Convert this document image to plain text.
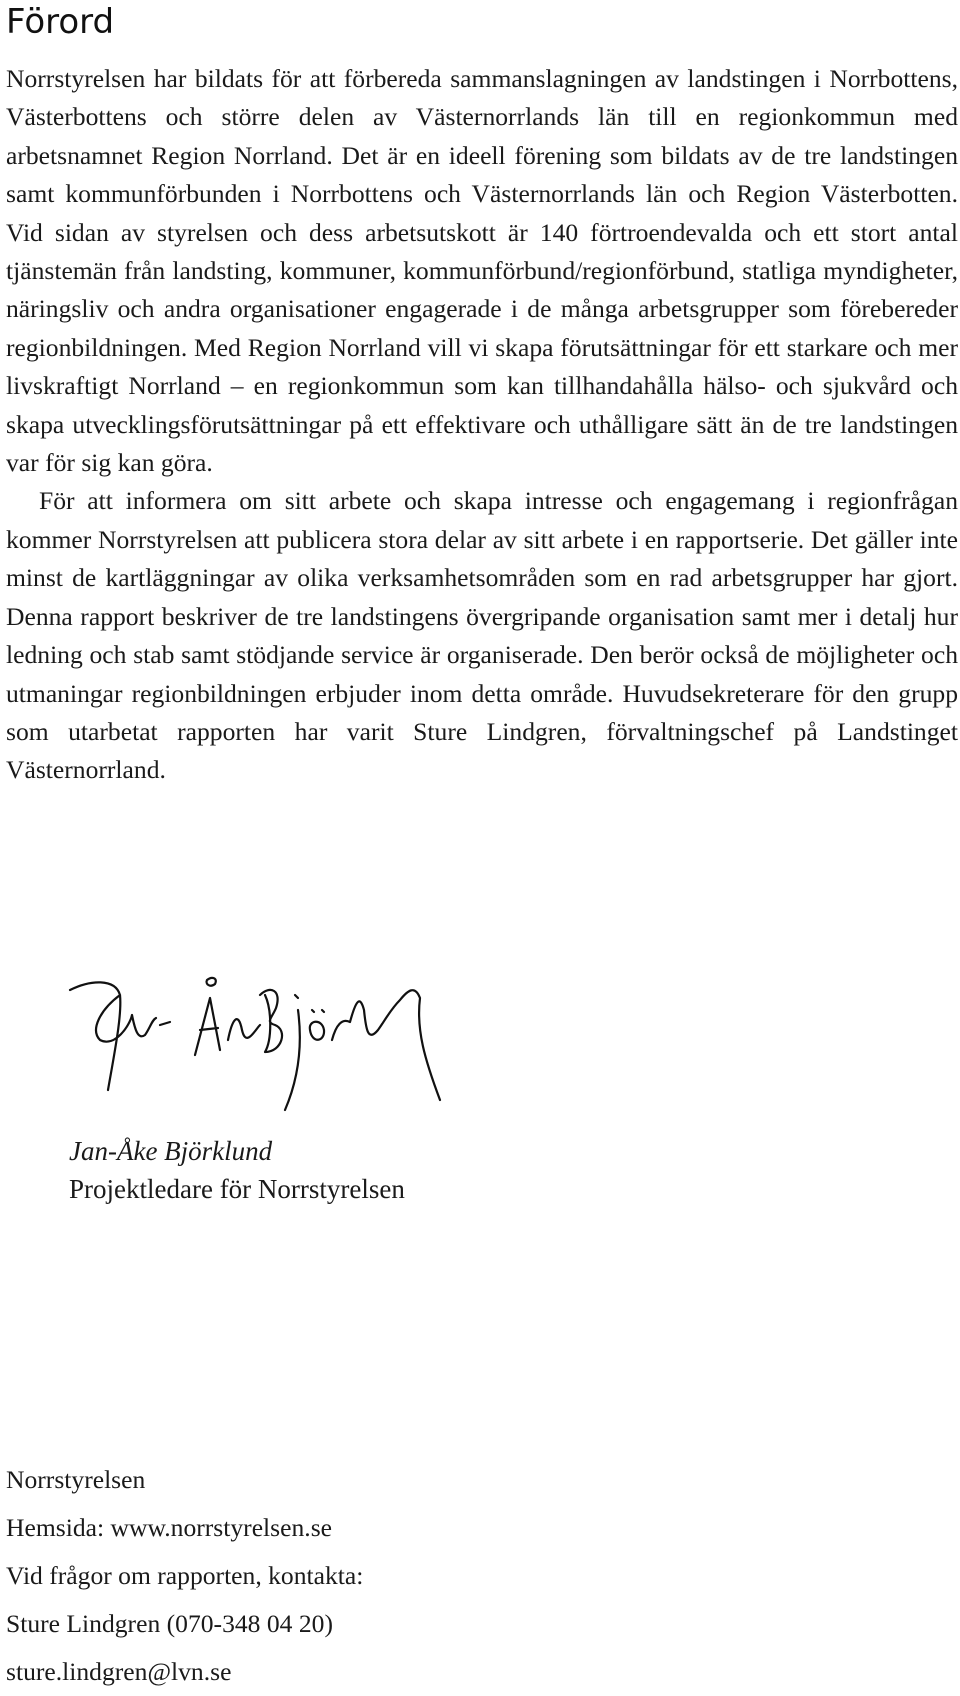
Förord

Norrstyrelsen har bildats för att förbereda sammanslagningen av landstingen i Norrbottens, Västerbottens och större delen av Västernorrlands län till en regionkommun med arbetsnamnet Region Norrland. Det är en ideell förening som bildats av de tre landstingen samt kommunförbunden i Norrbottens och Västernorrlands län och Region Västerbotten. Vid sidan av styrelsen och dess arbetsutskott är 140 förtroendevalda och ett stort antal tjänstemän från landsting, kommuner, kommunförbund/regionförbund, statliga myndigheter, näringsliv och andra organisationer engagerade i de många arbetsgrupper som förebereder regionbildningen. Med Region Norrland vill vi skapa förutsättningar för ett starkare och mer livskraftigt Norrland – en regionkommun som kan tillhandahålla hälso- och sjukvård och skapa utvecklingsförutsättningar på ett effektivare och uthålligare sätt än de tre landstingen var för sig kan göra.

För att informera om sitt arbete och skapa intresse och engagemang i regionfrågan kommer Norrstyrelsen att publicera stora delar av sitt arbete i en rapportserie. Det gäller inte minst de kartläggningar av olika verksamhetsområden som en rad arbetsgrupper har gjort. Denna rapport beskriver de tre landstingens övergripande organisation samt mer i detalj hur ledning och stab samt stödjande service är organiserade. Den berör också de möjligheter och utmaningar regionbildningen erbjuder inom detta område. Huvudsekreterare för den grupp som utarbetat rapporten har varit Sture Lindgren, förvaltningschef på Landstinget Västernorrland.

Jan-Åke Björklund

Projektledare för Norrstyrelsen

Norrstyrelsen
Hemsida: www.norrstyrelsen.se
Vid frågor om rapporten, kontakta:
Sture Lindgren (070-348 04 20)
sture.lindgren@lvn.se
